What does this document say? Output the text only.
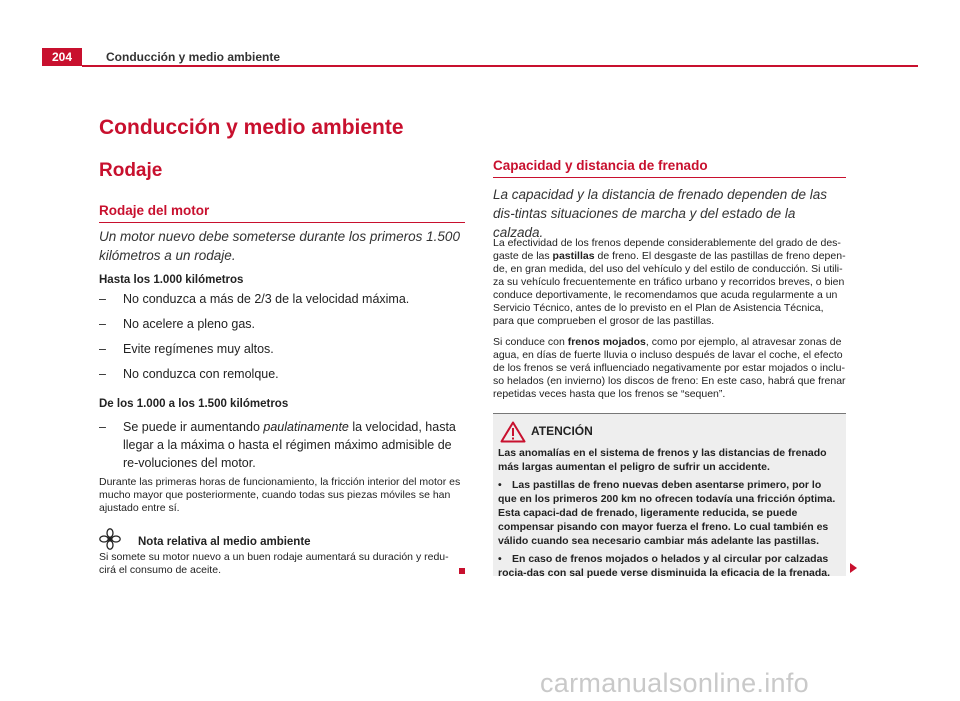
204	Conducción y medio ambiente
Conducción y medio ambiente
Rodaje
Rodaje del motor

Un motor nuevo debe someterse durante los primeros 1.500 kilómetros a un rodaje.

Hasta los 1.000 kilómetros

– No conduzca a más de 2/3 de la velocidad máxima.
– No acelere a pleno gas.
– Evite regímenes muy altos.
– No conduzca con remolque.

De los 1.000 a los 1.500 kilómetros

– Se puede ir aumentando paulatinamente la velocidad, hasta llegar a la máxima o hasta el régimen máximo admisible de re-voluciones del motor.

Durante las primeras horas de funcionamiento, la fricción interior del motor es mucho mayor que posteriormente, cuando todas sus piezas móviles se han ajustado entre sí.

Nota relativa al medio ambiente

Si somete su motor nuevo a un buen rodaje aumentará su duración y redu-cirá el consumo de aceite.

Capacidad y distancia de frenado

La capacidad y la distancia de frenado dependen de las dis-tintas situaciones de marcha y del estado de la calzada.

La efectividad de los frenos depende considerablemente del grado de des-gaste de las pastillas de freno. El desgaste de las pastillas de freno depen-de, en gran medida, del uso del vehículo y del estilo de conducción. Si utili-za su vehículo frecuentemente en tráfico urbano y recorridos breves, o bien conduce deportivamente, le recomendamos que acuda regularmente a un Servicio Técnico, antes de lo previsto en el Plan de Asistencia Técnica, para que comprueben el grosor de las pastillas.

Si conduce con frenos mojados, como por ejemplo, al atravesar zonas de agua, en días de fuerte lluvia o incluso después de lavar el coche, el efecto de los frenos se verá influenciado negativamente por estar mojados o inclu-so helados (en invierno) los discos de freno: En este caso, habrá que frenar repetidas veces hasta que los frenos se “sequen”.

ATENCIÓN

Las anomalías en el sistema de frenos y las distancias de frenado más largas aumentan el peligro de sufrir un accidente.

• Las pastillas de freno nuevas deben asentarse primero, por lo que en los primeros 200 km no ofrecen todavía una fricción óptima. Esta capaci-dad de frenado, ligeramente reducida, se puede compensar pisando con mayor fuerza el freno. Lo cual también es válido cuando sea necesario cambiar más adelante las pastillas.

• En caso de frenos mojados o helados y al circular por calzadas rocia-das con sal puede verse disminuida la eficacia de la frenada.

carmanualsonline.info
